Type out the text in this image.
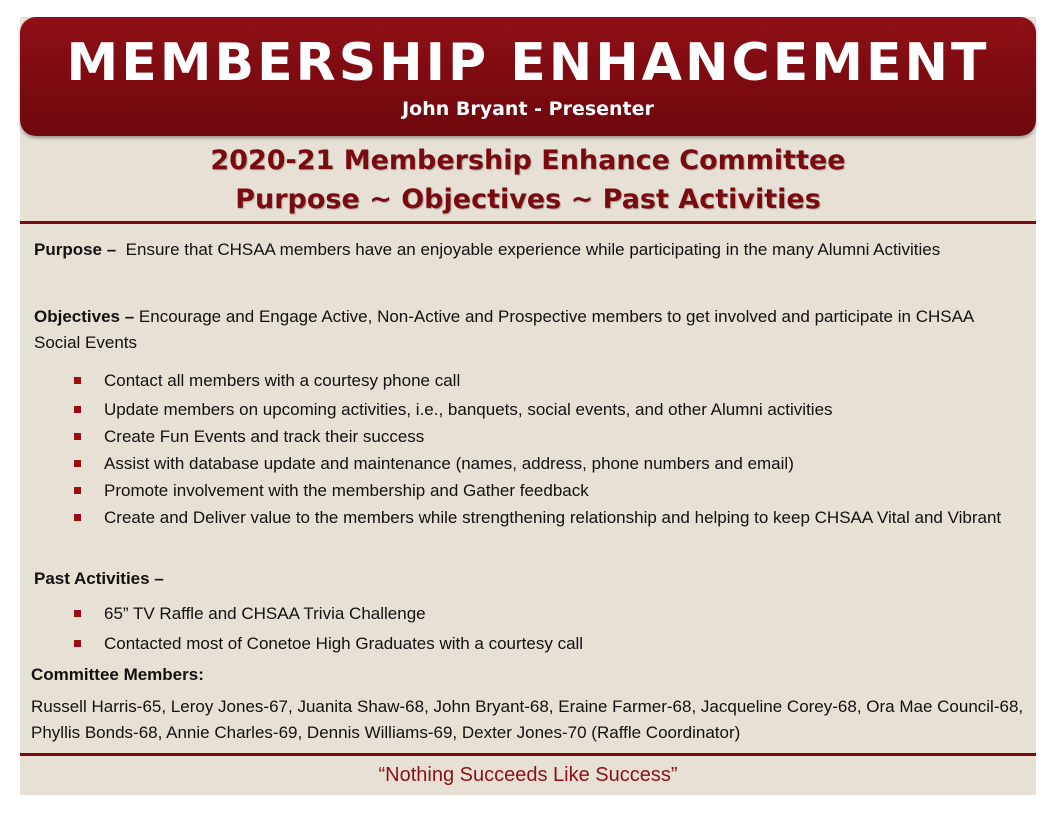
MEMBERSHIP ENHANCEMENT
John Bryant - Presenter
2020-21 Membership Enhance Committee
Purpose ~ Objectives ~ Past Activities
Purpose – Ensure that CHSAA members have an enjoyable experience while participating in the many Alumni Activities
Objectives – Encourage and Engage Active, Non-Active and Prospective members to get involved and participate in CHSAA Social Events
Contact all members with a courtesy phone call
Update members on upcoming activities, i.e., banquets, social events, and other Alumni activities
Create Fun Events and track their success
Assist with database update and maintenance (names, address, phone numbers and email)
Promote involvement with the membership and Gather feedback
Create and Deliver value to the members while strengthening relationship and helping to keep CHSAA Vital and Vibrant
Past Activities –
65” TV Raffle and CHSAA Trivia Challenge
Contacted most of Conetoe High Graduates with a courtesy call
Committee Members:
Russell Harris-65, Leroy Jones-67, Juanita Shaw-68, John Bryant-68, Eraine Farmer-68, Jacqueline Corey-68, Ora Mae Council-68, Phyllis Bonds-68, Annie Charles-69, Dennis Williams-69, Dexter Jones-70 (Raffle Coordinator)
“Nothing Succeeds Like Success”
